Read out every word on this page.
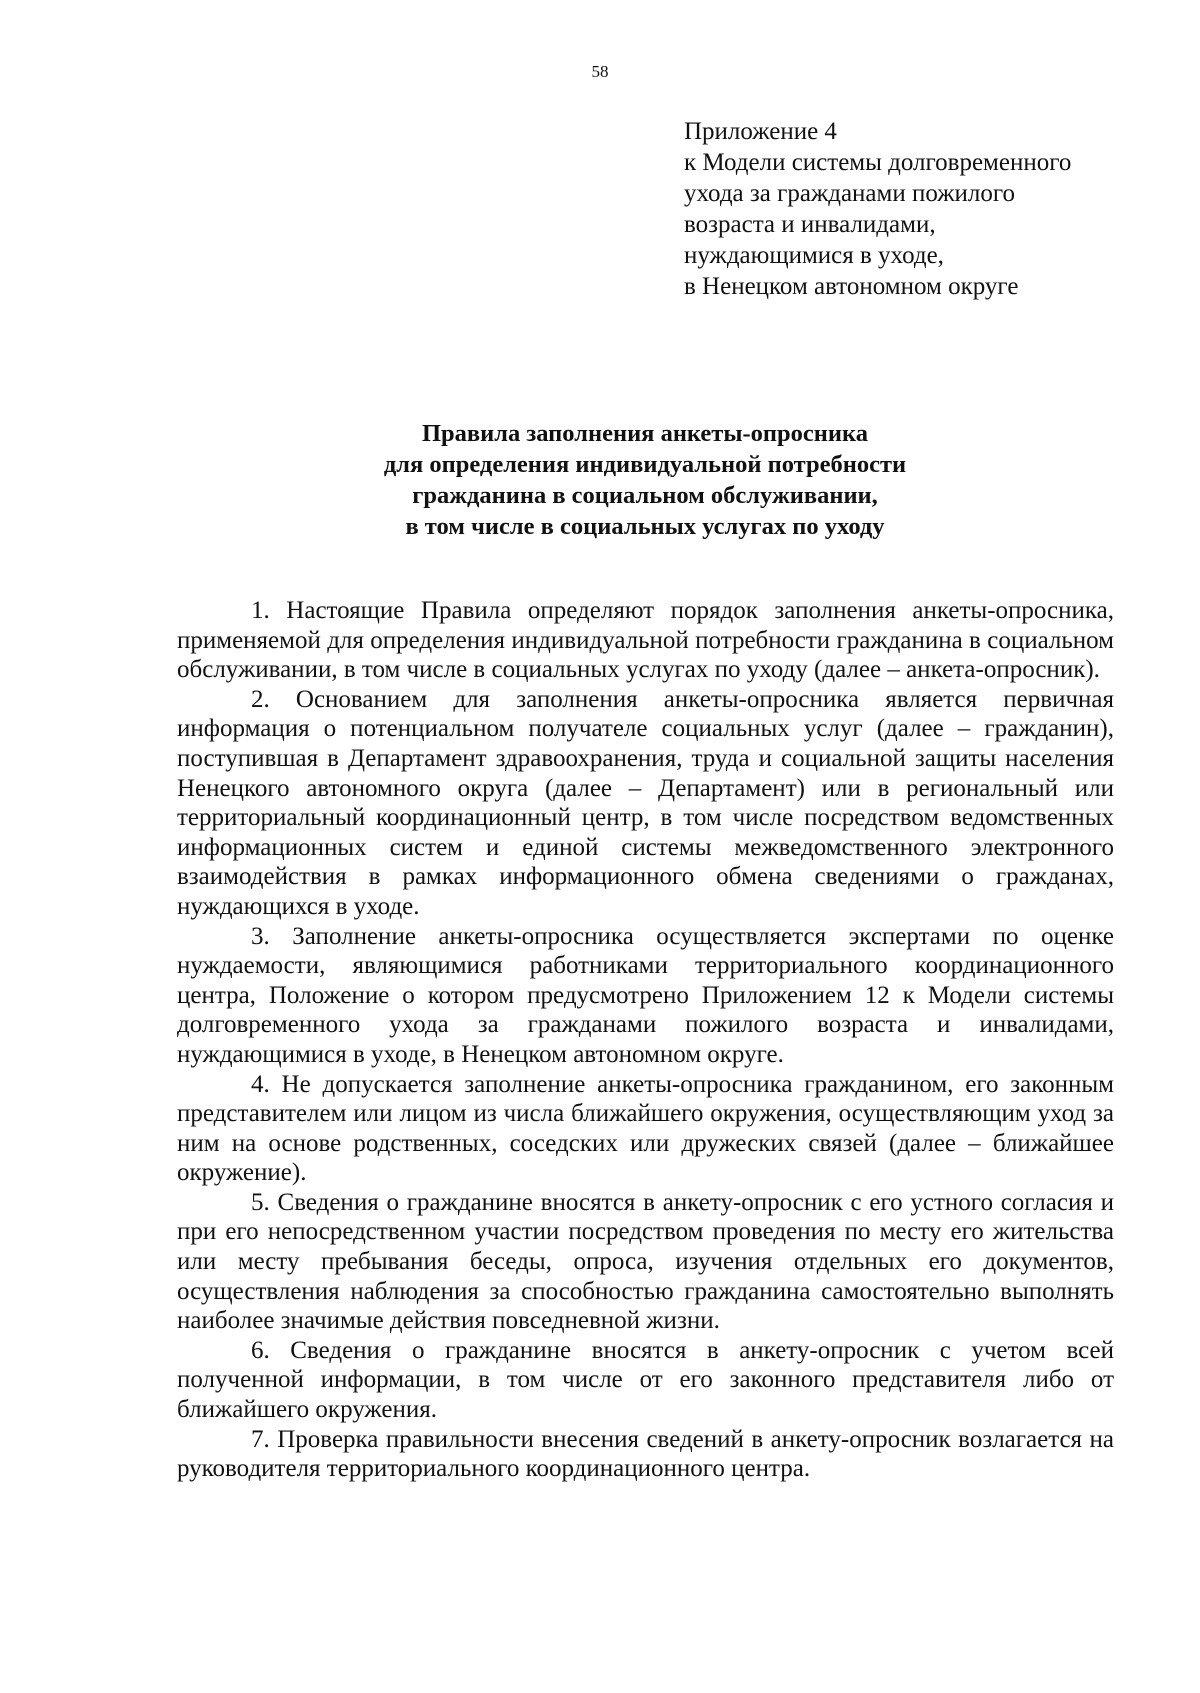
58
Приложение 4
к Модели системы долговременного
ухода за гражданами пожилого
возраста и инвалидами,
нуждающимися в уходе,
в Ненецком автономном округе
Правила заполнения анкеты-опросника
для определения индивидуальной потребности
гражданина в социальном обслуживании,
в том числе в социальных услугах по уходу

1. Настоящие Правила определяют порядок заполнения анкеты-опросника, применяемой для определения индивидуальной потребности гражданина в социальном обслуживании, в том числе в социальных услугах по уходу (далее – анкета-опросник).

2. Основанием для заполнения анкеты-опросника является первичная информация о потенциальном получателе социальных услуг (далее – гражданин), поступившая в Департамент здравоохранения, труда и социальной защиты населения Ненецкого автономного округа (далее – Департамент) или в региональный или территориальный координационный центр, в том числе посредством ведомственных информационных систем и единой системы межведомственного электронного взаимодействия в рамках информационного обмена сведениями о гражданах, нуждающихся в уходе.

3. Заполнение анкеты-опросника осуществляется экспертами по оценке нуждаемости, являющимися работниками территориального координационного центра, Положение о котором предусмотрено Приложением 12 к Модели системы долговременного ухода за гражданами пожилого возраста и инвалидами, нуждающимися в уходе, в Ненецком автономном округе.

4. Не допускается заполнение анкеты-опросника гражданином, его законным представителем или лицом из числа ближайшего окружения, осуществляющим уход за ним на основе родственных, соседских или дружеских связей (далее – ближайшее окружение).

5. Сведения о гражданине вносятся в анкету-опросник с его устного согласия и при его непосредственном участии посредством проведения по месту его жительства или месту пребывания беседы, опроса, изучения отдельных его документов, осуществления наблюдения за способностью гражданина самостоятельно выполнять наиболее значимые действия повседневной жизни.

6. Сведения о гражданине вносятся в анкету-опросник с учетом всей полученной информации, в том числе от его законного представителя либо от ближайшего окружения.

7. Проверка правильности внесения сведений в анкету-опросник возлагается на руководителя территориального координационного центра.
